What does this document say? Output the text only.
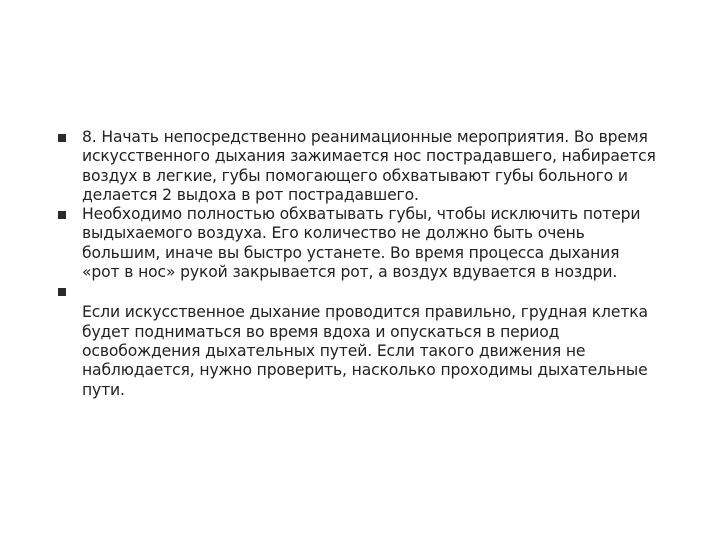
8. Начать непосредственно реанимационные мероприятия. Во время
искусственного дыхания зажимается нос пострадавшего, набирается
воздух в легкие, губы помогающего обхватывают губы больного и
делается 2 выдоха в рот пострадавшего.
Необходимо полностью обхватывать губы, чтобы исключить потери
выдыхаемого воздуха. Его количество не должно быть очень
большим, иначе вы быстро устанете. Во время процесса дыхания
«рот в нос» рукой закрывается рот, а воздух вдувается в ноздри.
Если искусственное дыхание проводится правильно, грудная клетка
будет подниматься во время вдоха и опускаться в период
освобождения дыхательных путей. Если такого движения не
наблюдается, нужно проверить, насколько проходимы дыхательные
пути.
